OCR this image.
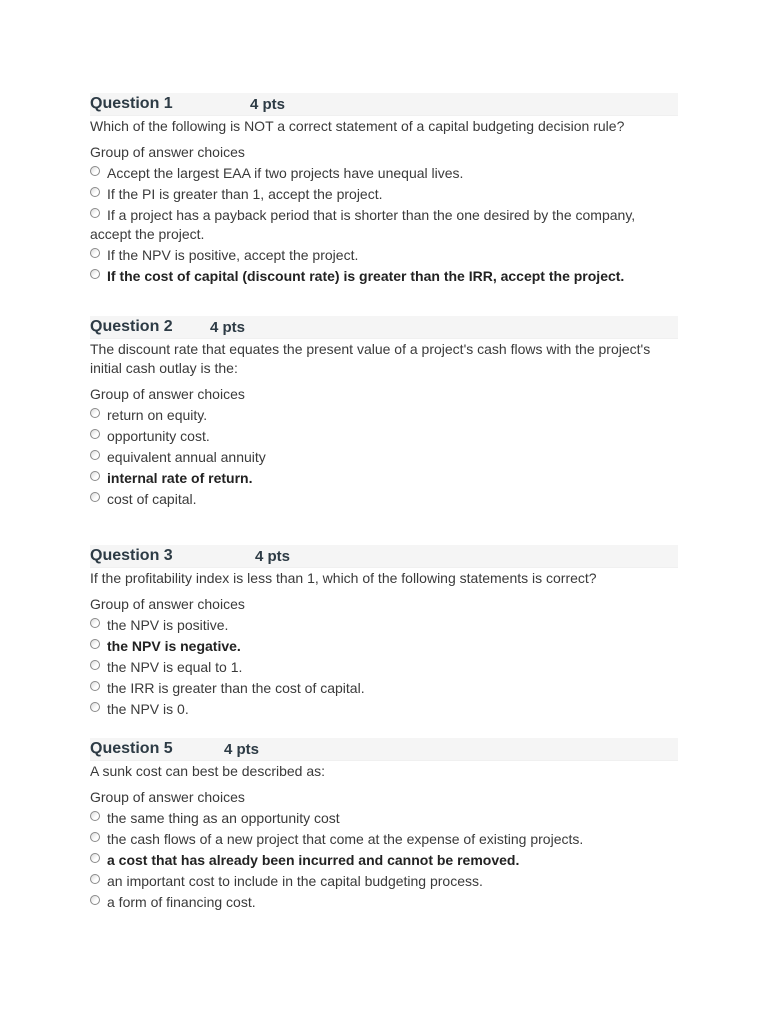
Question 1	4 pts
Which of the following is NOT a correct statement of a capital budgeting decision rule?
Group of answer choices
Accept the largest EAA if two projects have unequal lives.
If the PI is greater than 1, accept the project.
If a project has a payback period that is shorter than the one desired by the company, accept the project.
If the NPV is positive, accept the project.
If the cost of capital (discount rate) is greater than the IRR, accept the project.
Question 2	4 pts
The discount rate that equates the present value of a project's cash flows with the project's initial cash outlay is the:
Group of answer choices
return on equity.
opportunity cost.
equivalent annual annuity
internal rate of return.
cost of capital.
Question 3	4 pts
If the profitability index is less than 1, which of the following statements is correct?
Group of answer choices
the NPV is positive.
the NPV is negative.
the NPV is equal to 1.
the IRR is greater than the cost of capital.
the NPV is 0.
Question 5	4 pts
A sunk cost can best be described as:
Group of answer choices
the same thing as an opportunity cost
the cash flows of a new project that come at the expense of existing projects.
a cost that has already been incurred and cannot be removed.
an important cost to include in the capital budgeting process.
a form of financing cost.
